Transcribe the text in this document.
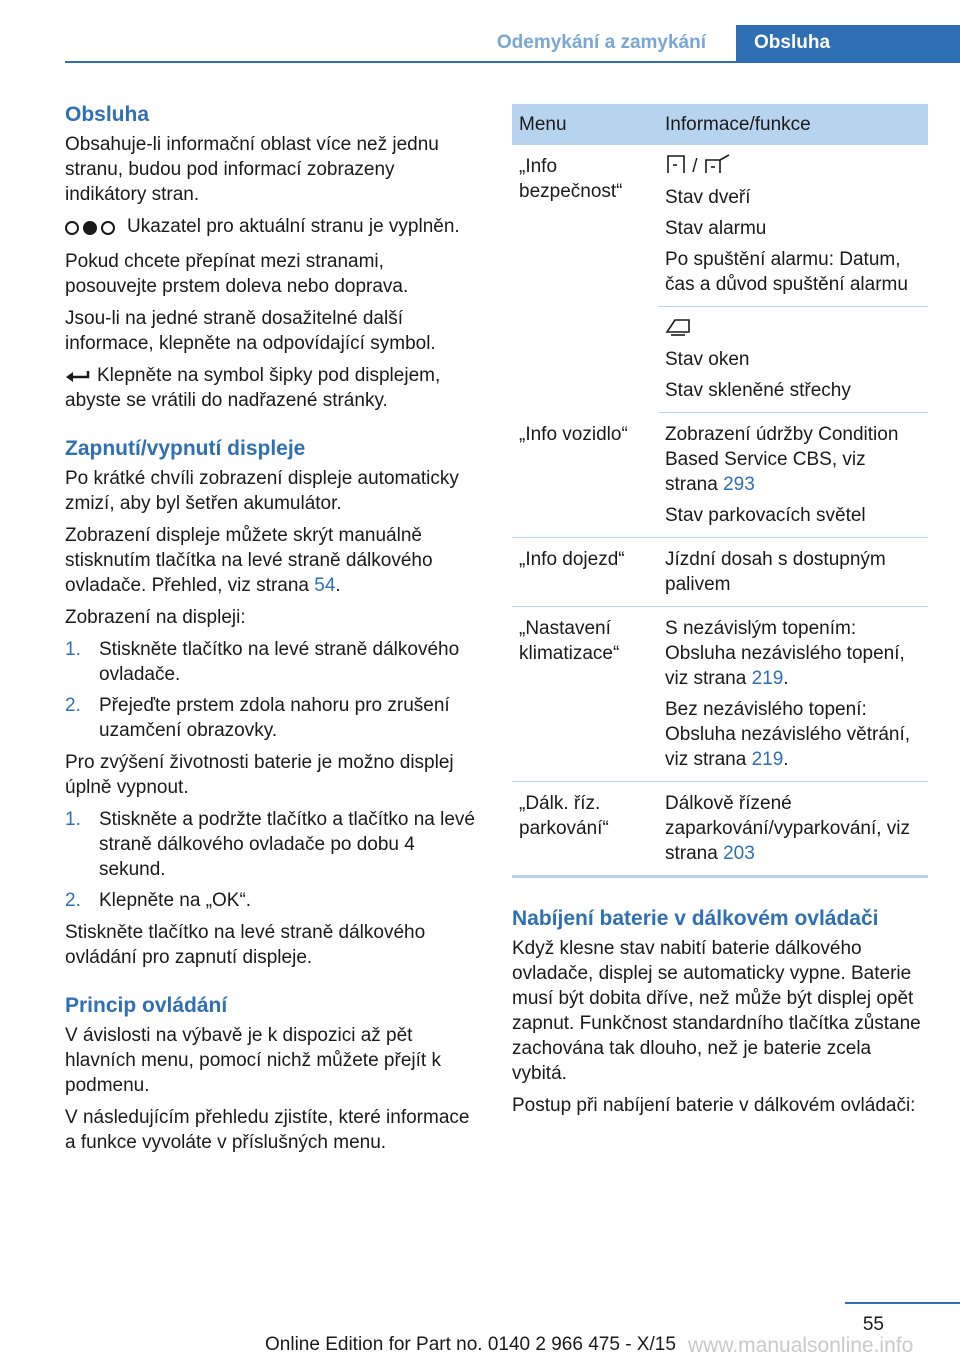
Odemykání a zamykání	Obsluha
Obsluha

Obsahuje-li informační oblast více než jednu stranu, budou pod informací zobrazeny indikátory stran.

Ukazatel pro aktuální stranu je vyplněn.

Pokud chcete přepínat mezi stranami, posouvejte prstem doleva nebo doprava.

Jsou-li na jedné straně dosažitelné další informace, klepněte na odpovídající symbol.

Klepněte na symbol šipky pod displejem, abyste se vrátili do nadřazené stránky.

Zapnutí/vypnutí displeje

Po krátké chvíli zobrazení displeje automaticky zmizí, aby byl šetřen akumulátor.

Zobrazení displeje můžete skrýt manuálně stisknutím tlačítka na levé straně dálkového ovladače. Přehled, viz strana 54.

Zobrazení na displeji:

1. Stiskněte tlačítko na levé straně dálkového ovladače.
2. Přejeďte prstem zdola nahoru pro zrušení uzamčení obrazovky.

Pro zvýšení životnosti baterie je možno displej úplně vypnout.

1. Stiskněte a podržte tlačítko a tlačítko na levé straně dálkového ovladače po dobu 4 sekund.
2. Klepněte na „OK“.

Stiskněte tlačítko na levé straně dálkového ovládání pro zapnutí displeje.

Princip ovládání

V ávislosti na výbavě je k dispozici až pět hlavních menu, pomocí nichž můžete přejít k podmenu.

V následujícím přehledu zjistíte, které informace a funkce vyvoláte v příslušných menu.

Menu	Informace/funkce
„Info bezpečnost“	/

Stav dveří

Stav alarmu

Po spuštění alarmu: Datum, čas a důvod spuštění alarmu

	Stav oken

Stav skleněné střechy

„Info vozidlo“	Zobrazení údržby Condition Based Service CBS, viz strana 293

Stav parkovacích světel

„Info dojezd“	Jízdní dosah s dostupným palivem
„Nastavení klimatizace“	S nezávislým topením: Obsluha nezávislého topení, viz strana 219.

Bez nezávislého topení: Obsluha nezávislého větrání, viz strana 219.

„Dálk. říz. parkování“	Dálkově řízené zaparkování/vyparkování, viz strana 203

Nabíjení baterie v dálkovém ovládači

Když klesne stav nabití baterie dálkového ovladače, displej se automaticky vypne. Baterie musí být dobita dříve, než může být displej opět zapnut. Funkčnost standardního tlačítka zůstane zachována tak dlouho, než je baterie zcela vybitá.

Postup při nabíjení baterie v dálkovém ovládači:

55
Online Edition for Part no. 0140 2 966 475 - X/15 www.manualsonline.info
